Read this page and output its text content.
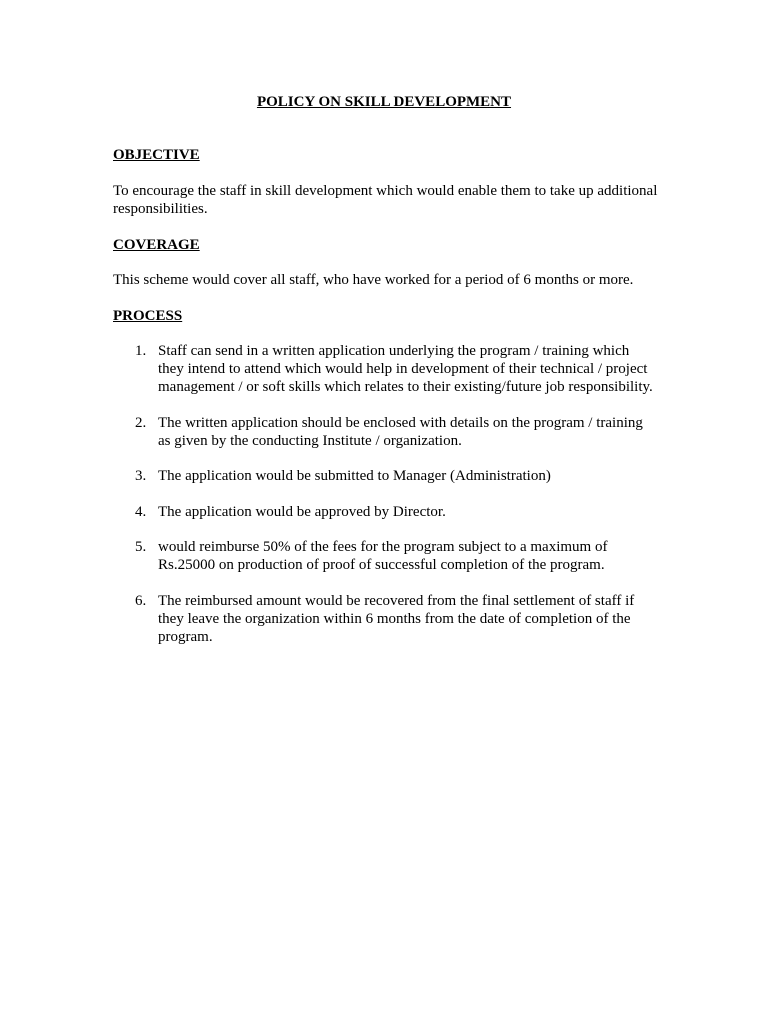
POLICY ON SKILL DEVELOPMENT
OBJECTIVE
To encourage the staff in skill development which would enable them to take up additional responsibilities.
COVERAGE
This scheme would cover all staff, who have worked for a period of 6 months or more.
PROCESS
1. Staff can send in a written application underlying the program / training which they intend to attend which would help in development of their technical / project management / or soft skills which relates to their existing/future job responsibility.
2. The written application should be enclosed with details on the program / training as given by the conducting Institute / organization.
3. The application would be submitted to Manager (Administration)
4. The application would be approved by Director.
5. would reimburse 50% of the fees for the program subject to a maximum of Rs.25000 on production of proof of successful completion of the program.
6. The reimbursed amount would be recovered from the final settlement of staff if they leave the organization within 6 months from the date of completion of the program.
